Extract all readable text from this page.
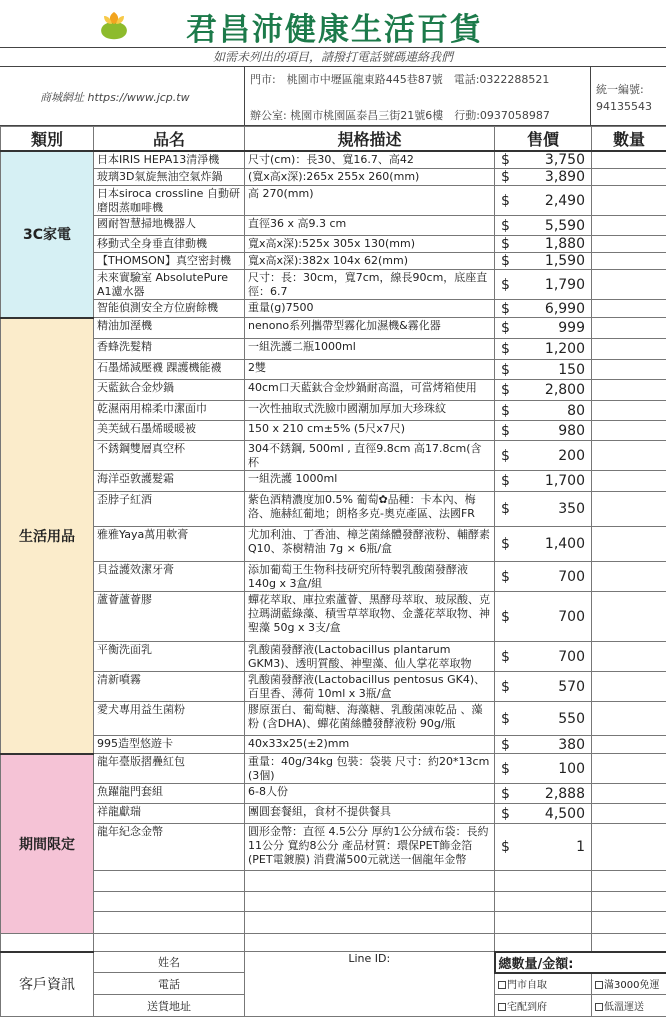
君昌沛健康生活百貨
如需未列出的項目，請撥打電話號碼連絡我們
商城網址 https://www.jcp.tw
門市:　桃園市中壢區龍東路445巷87號　電話:0322288521
辦公室: 桃園市桃園區泰昌三街21號6樓　行動:0937058987
統一編號:
94135543
類別	品名	規格描述	售價	數量
3C家電	日本IRIS HEPA13清淨機	尺寸(cm)：長30、寬16.7、高42	$ 3,750	

	玻璃3D氣旋無油空氣炸鍋	(寬x高x深):265x 255x 260(mm)	$ 3,890	

	日本siroca crossline 自動研磨悶蒸咖啡機	高 270(mm)	$ 2,490	

	國耐智慧掃地機器人	直徑36 x 高9.3 cm	$ 5,590	

	移動式全身垂直律動機	寬x高x深):525x 305x 130(mm)	$ 1,880	

	【THOMSON】真空密封機	寬x高x深):382x 104x 62(mm)	$ 1,590	

	未來實驗室 AbsolutePure A1濾水器	尺寸：長：30cm，寬7cm，線長90cm，底座直徑：6.7	$ 1,790	

	智能偵測安全方位廚餘機	重量(g)7500	$ 6,990	

生活用品	精油加溼機	nenono系列攜帶型霧化加濕機&霧化器	$ 999	

	香蜂洗髮精	一組洗護二瓶1000ml	$ 1,200	

	石墨烯減壓襪 踝護機能襪	2雙	$ 150	

	天藍鈦合金炒鍋	40cm口天藍鈦合金炒鍋耐高溫，可當烤箱使用	$ 2,800	

	乾濕兩用棉柔巾潔面巾	一次性抽取式洗臉巾國潮加厚加大珍珠紋	$ 80	

	美芙絨石墨烯暖暖被	150 x 210 cm±5% (5尺x7尺)	$ 980	

	不銹鋼雙層真空杯	304不銹鋼, 500ml , 直徑9.8cm 高17.8cm(含杯	$ 200	

	海洋亞敦護髮霜	一組洗護 1000ml	$ 1,700	

	歪脖子紅酒	紫色酒精濃度加0.5% 葡萄✿品種：卡本內、梅洛、施赫紅葡地；朗格多克-奧克產區、法國FR	$ 350	

	雅雅Yaya萬用軟膏	尤加利油、丁香油、樟芝菌絲體發酵液粉、輔酵素Q10、茶樹精油 7g × 6瓶/盒	$ 1,400	

	貝益護效潔牙膏	添加葡萄王生物科技研究所特製乳酸菌發酵液 140g x 3盒/組	$ 700	

	蘆薈蘆薈膠	蟬花萃取、庫拉索蘆薈、黑酵母萃取、玻尿酸、克拉瑪湖藍綠藻、積雪草萃取物、金盞花萃取物、神聖藻 50g x 3支/盒	$ 700	

	平衡洗面乳	乳酸菌發酵液(Lactobacillus plantarum GKM3)、透明質酸、神聖藻、仙人掌花萃取物	$ 700	

	清新噴霧	乳酸菌發酵液(Lactobacillus pentosus GK4)、百里香、薄荷 10ml x 3瓶/盒	$ 570	

	愛犬專用益生菌粉	膠原蛋白、葡萄糖、海藻糖、乳酸菌凍乾品 、藻粉 (含DHA)、蟬花菌絲體發酵液粉 90g/瓶	$ 550	

	995造型悠遊卡	40x33x25(±2)mm	$ 380	

期間限定	龍年臺版摺疊紅包	重量：40g/34kg 包裝：袋裝 尺寸：約20*13cm (3個)	$ 100	

	魚躍龍門套組	6-8人份	$ 2,888	

	祥龍獻瑞	團圓套餐組，食材不提供餐具	$ 4,500	

	龍年紀念金幣	圓形金幣：直徑 4.5公分 厚約1公分絨布袋：長約11公分 寬約8公分 產品材質：環保PET飾金箔(PET電鍍膜) 消費滿500元就送一個龍年金幣	$ 1	

客戶資訊	姓名	Line ID:	總數量/金額:	
	電話		門市自取	滿3000免運
	送貨地址		宅配到府	低溫運送
